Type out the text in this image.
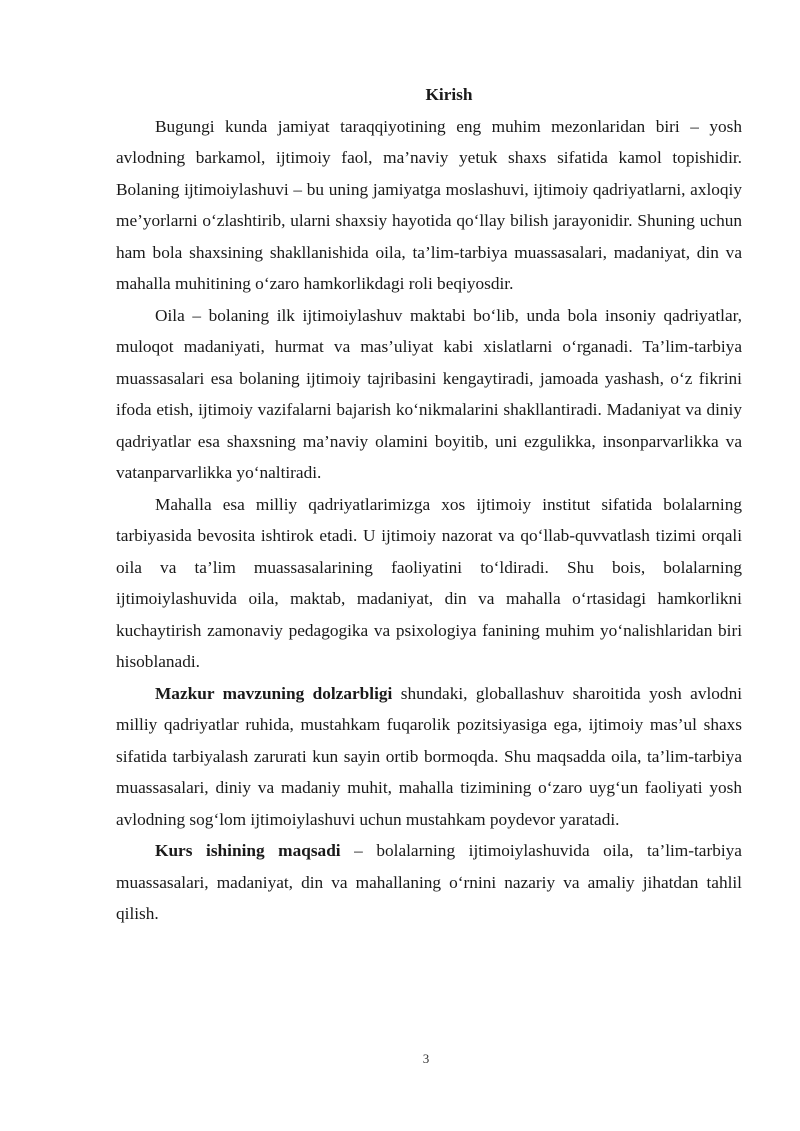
Kirish

Bugungi kunda jamiyat taraqqiyotining eng muhim mezonlaridan biri – yosh avlodning barkamol, ijtimoiy faol, ma’naviy yetuk shaxs sifatida kamol topishidir. Bolaning ijtimoiylashuvi – bu uning jamiyatga moslashuvi, ijtimoiy qadriyatlarni, axloqiy me’yorlarni o‘zlashtirib, ularni shaxsiy hayotida qo‘llay bilish jarayonidir. Shuning uchun ham bola shaxsining shakllanishida oila, ta’lim-tarbiya muassasalari, madaniyat, din va mahalla muhitining o‘zaro hamkorlikdagi roli beqiyosdir.

Oila – bolaning ilk ijtimoiylashuv maktabi bo‘lib, unda bola insoniy qadriyatlar, muloqot madaniyati, hurmat va mas’uliyat kabi xislatlarni o‘rganadi. Ta’lim-tarbiya muassasalari esa bolaning ijtimoiy tajribasini kengaytiradi, jamoada yashash, o‘z fikrini ifoda etish, ijtimoiy vazifalarni bajarish ko‘nikmalarini shakllantiradi. Madaniyat va diniy qadriyatlar esa shaxsning ma’naviy olamini boyitib, uni ezgulikka, insonparvarlikka va vatanparvarlikka yo‘naltiradi.

Mahalla esa milliy qadriyatlarimizga xos ijtimoiy institut sifatida bolalarning tarbiyasida bevosita ishtirok etadi. U ijtimoiy nazorat va qo‘llab-quvvatlash tizimi orqali oila va ta’lim muassasalarining faoliyatini to‘ldiradi. Shu bois, bolalarning ijtimoiylashuvida oila, maktab, madaniyat, din va mahalla o‘rtasidagi hamkorlikni kuchaytirish zamonaviy pedagogika va psixologiya fanining muhim yo‘nalishlaridan biri hisoblanadi.

Mazkur mavzuning dolzarbligi shundaki, globallashuv sharoitida yosh avlodni milliy qadriyatlar ruhida, mustahkam fuqarolik pozitsiyasiga ega, ijtimoiy mas’ul shaxs sifatida tarbiyalash zarurati kun sayin ortib bormoqda. Shu maqsadda oila, ta’lim-tarbiya muassasalari, diniy va madaniy muhit, mahalla tizimining o‘zaro uyg‘un faoliyati yosh avlodning sog‘lom ijtimoiylashuvi uchun mustahkam poydevor yaratadi.

Kurs ishining maqsadi – bolalarning ijtimoiylashuvida oila, ta’lim-tarbiya muassasalari, madaniyat, din va mahallaning o‘rnini nazariy va amaliy jihatdan tahlil qilish.

3
